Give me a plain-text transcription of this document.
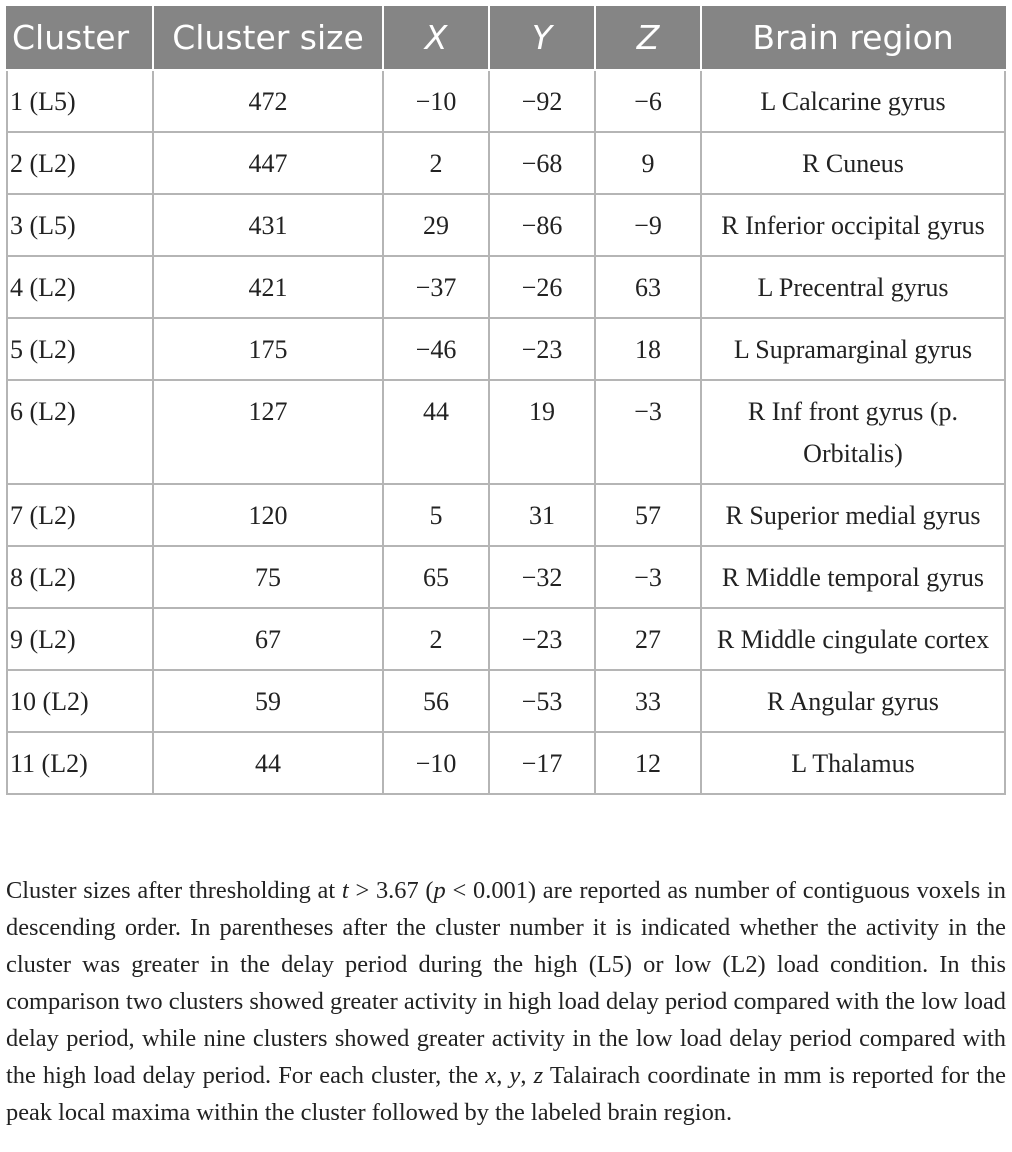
Cluster	Cluster size	X	Y	Z	Brain region
1 (L5)	472	−10	−92	−6	L Calcarine gyrus
2 (L2)	447	2	−68	9	R Cuneus
3 (L5)	431	29	−86	−9	R Inferior occipital gyrus
4 (L2)	421	−37	−26	63	L Precentral gyrus
5 (L2)	175	−46	−23	18	L Supramarginal gyrus
6 (L2)	127	44	19	−3	R Inf front gyrus (p. Orbitalis)
7 (L2)	120	5	31	57	R Superior medial gyrus
8 (L2)	75	65	−32	−3	R Middle temporal gyrus
9 (L2)	67	2	−23	27	R Middle cingulate cortex
10 (L2)	59	56	−53	33	R Angular gyrus
11 (L2)	44	−10	−17	12	L Thalamus

Cluster sizes after thresholding at t > 3.67 (p < 0.001) are reported as number of contiguous voxels in descending order. In parentheses after the cluster number it is indicated whether the activity in the cluster was greater in the delay period during the high (L5) or low (L2) load condition. In this comparison two clusters showed greater activity in high load delay period compared with the low load delay period, while nine clusters showed greater activity in the low load delay period compared with the high load delay period. For each cluster, the x, y, z Talairach coordinate in mm is reported for the peak local maxima within the cluster followed by the labeled brain region.
